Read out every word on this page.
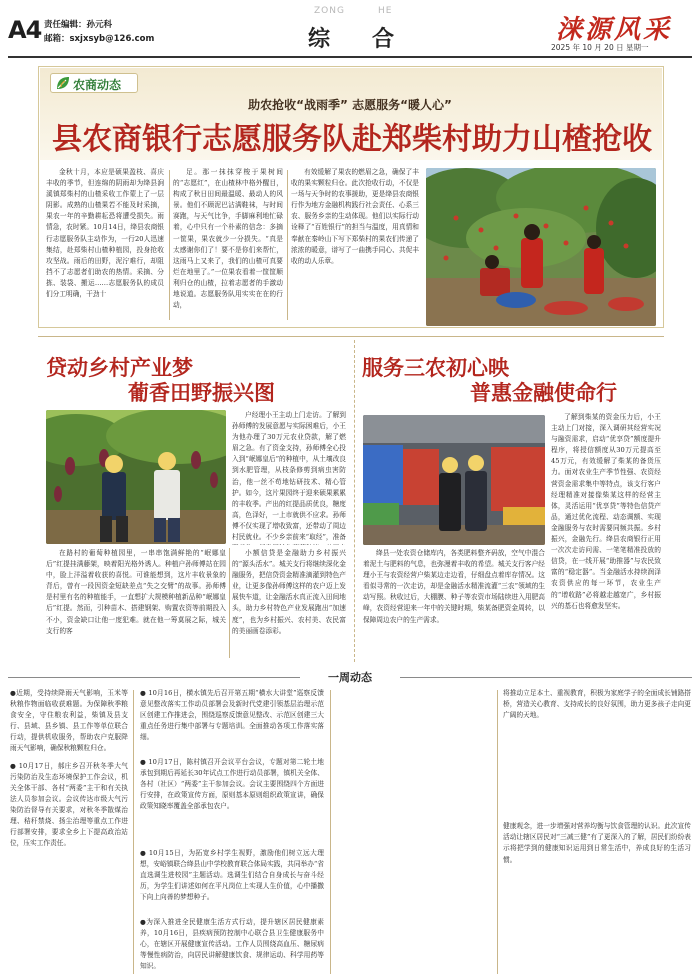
A4 责任编辑：孙元科
邮箱：sxjxsyb@126.com
ZONG	HE
综 合	涞源风采
2025 年 10 月 20 日 星期一
农商动态
助农抢收“战雨季” 志愿服务“暖人心”
县农商银行志愿服务队赴郑柴村助力山楂抢收

金秋十月，本应是硕果盈枝、喜庆丰收的季节，但连绵的阴雨却为绛县涧溪镇郑柴村的山楂采收工作蒙上了一层阴影。成熟的山楂果若不能及时采摘，果农一年的辛勤耕耘恐将遭受损失。雨情急，农时紧。10月14日，绛县农商银行志愿服务队主动作为，一行20人迅速集结，赴郑柴村山楂种植园，投身抢收攻坚战。雨后的田野，泥泞难行，却阻挡不了志愿者们助农的热情。采摘、分拣、装袋、搬运……志愿服务队的成员们分工明确，干劲十

足。那一抹抹穿梭于果树间的“志愿红”，在山楂林中格外醒目，构成了秋日田间最温暖、最动人的风景。他们不顾泥巴沾满鞋袜，与时间赛跑，与天气比争，手脚麻利地忙碌着，心中只有一个朴素的信念：多摘一筐果，果农就少一分损失。“真是太感谢你们了！要不是你们来帮忙，这雨马上又来了，我们的山楂可真要烂在地里了。”一位果农看着一筐筐顺利归仓的山楂，拉着志愿者的手激动地说道。志愿服务队用实实在在的行动，

有效缓解了果农的燃眉之急，确保了丰收的果实颗粒归仓。此次抢收行动，不仅是一场与天争时的农事援助，更是绛县农商银行作为地方金融机构践行社会责任、心系三农、服务乡亲的生动体现。他们以实际行动诠释了“百姓银行”的担当与温度，用真情和奉献在秦岭山下写下郑柴村的果农们传递了浓浓的暖意，谱写了一曲携手同心、共促丰收的动人乐章。

贷动乡村产业梦
葡香田野振兴图

户经理小王主动上门走访。了解到孙师傅的发展意愿与实际困难后，小王为他办理了30万元农业贷款，解了燃眉之急。有了资金支持，孙师傅全心投入到“岷娜皇后”的种植中，从土壤改良到水肥管理，从枝条修剪到病虫害防治，他一丝不苟地钻研技术、精心管护。如今，这片果园终于迎来硕果累累的丰收季。产出的红提品质优良，糖度高，色泽好，一上市就供不应求。孙师傅不仅实现了增收致富，还带动了周边村民就业。不少乡亲前来“取经”，准备

在路村的葡萄种植园里，一串串饱满鲜艳的“岷娜皇后”红提挂满藤架，映着阳光格外诱人。种植户孙师傅站在园中，脸上洋溢着收获的喜悦。可谁能想到，这片丰收景象的背后，曾有一段因资金短缺差点“失之交臂”的故事。孙师傅是村里有名的种植能手，一直想扩大规模种植新品种“岷娜皇后”红提。然而，引种苗木、搭建钢架、购置农资等前期投入不小，资金缺口让他一度犯难。就在他一筹莫展之际，城关支行的客

小额信贷是金融助力乡村振兴的“源头活水”。城关支行将继续深化金融服务，把信贷资金精准滴灌到特色产业，让更多像孙师傅这样的农户迈上发展快车道，让金融活水真正流入田间地头，助力乡村特色产业发展跑出“加速度”，也为乡村振兴、农村美、农民富的美丽画卷添彩。

服务三农初心映
普惠金融使命行

了解到柴某的资金压力后，小王主动上门对接，深入调研其经营实况与融资需求，启动“优享贷”额度提升程序，将授信额度从30万元提高至45万元，有效缓解了柴某的备货压力。面对农业生产季节性强、农资经营资金需求集中等特点，该支行客户经理精准对接像柴某这样的经营主体，灵活运用“优享贷”等特色信贷产品，通过优化流程、动态调额、实现金融服务与农时需要同频共振。乡村振兴，金融先行。绛县农商银行正用一次次走访问需、一笔笔精准投放的信贷，在一线开展“助推器”与农民致富的“稳定器”。当金融活水持续润泽农资供应的每一环节，农业生产的“增收路”必将越走越宽广，乡村振兴的基石也将愈发坚实。

绛县一处农资仓储库内，各类肥料整齐码放，空气中混合着泥土与肥料的气息，也弥漫着丰收的希望。城关支行客户经理小王与农资经营户柴某边走边看，仔细盘点着库存情况。这看似寻常的一次走访，却是金融活水精准流灌“三农”领域的生动写照。秋收过后，大棚膜、种子等农资市场陆续进入用肥高峰，农资经营迎来一年中的关键时期，柴某备肥资金周转，以保障周边农户的生产需求。

一周动态

●近期，受持续降雨天气影响，玉米等秋粮作物面临收获难题。为保障秋季粮食安全，守住粮农利益，柴镇及县支行、县域、县乡镇、县工作等单位联合行动，提供机收服务，帮助农户克服降雨天气影响，确保秋粮颗粒归仓。

● 10月17日，郝庄乡召开秋冬季大气污染防治及生态环境保护工作会议，机关全体干部、各村“两委”主干和有关执法人员参加会议。会议传达市级大气污染防治督导有关要求，对秋冬季散煤治理、秸秆禁烧、扬尘治理等重点工作进行部署安排，要求全乡上下提高政治站位，压实工作责任。

● 10月16日，横水镇先后召开第五期“横水大讲堂”巡察反馈意见整改落实工作动员部署会及新时代党建引领基层治理示范区创建工作推进会，围绕巡察反馈意见整改、示范区创建三大重点任务进行集中部署与专题培训。全面推动各项工作落实落细。

● 10月17日，陈村镇召开会议平台会议，专题对第二轮土地承包到期后再延长30年试点工作进行动员部署，镇机关全体、各村（社区）“两委”主干参加会议。会议主要围绕四个方面进行安排，在政策宣传方面，原则基本原则组织政策宣讲，确保政策知晓率覆盖全部承包农户。

● 10月15日，为拓宽乡村学生视野，激励他们树立远大理想，安峪镇联合绛县山中学校教育联合体局实践，共同举办“省直选调生进校园”主题活动。选调生们结合自身成长与奋斗经历，为学生们讲述如何在平凡岗位上实现人生价值，心中播撒下向上向善的梦想种子。

●为深入推进全民健康生活方式行动，提升辖区居民健康素养，10月16日，县疾病预防控制中心联合县卫生健康服务中心，在辖区开展健康宣传活动。工作人员围绕高血压、糖尿病等慢性病防治，向居民讲解健康饮食、规律运动、科学用药等知识。

将推动立足本土、重视教育，积极为家庭学子的全面成长铺路搭桥，营造关心教育、支持成长的良好氛围，助力更多孩子走向更广阔的天地。

健康观念，进一步增强对营养均衡与饮食管理的认识。此次宣传活动让辖区居民对“三减三健”有了更深入的了解，居民们纷纷表示将把学到的健康知识运用到日常生活中，养成良好的生活习惯。
